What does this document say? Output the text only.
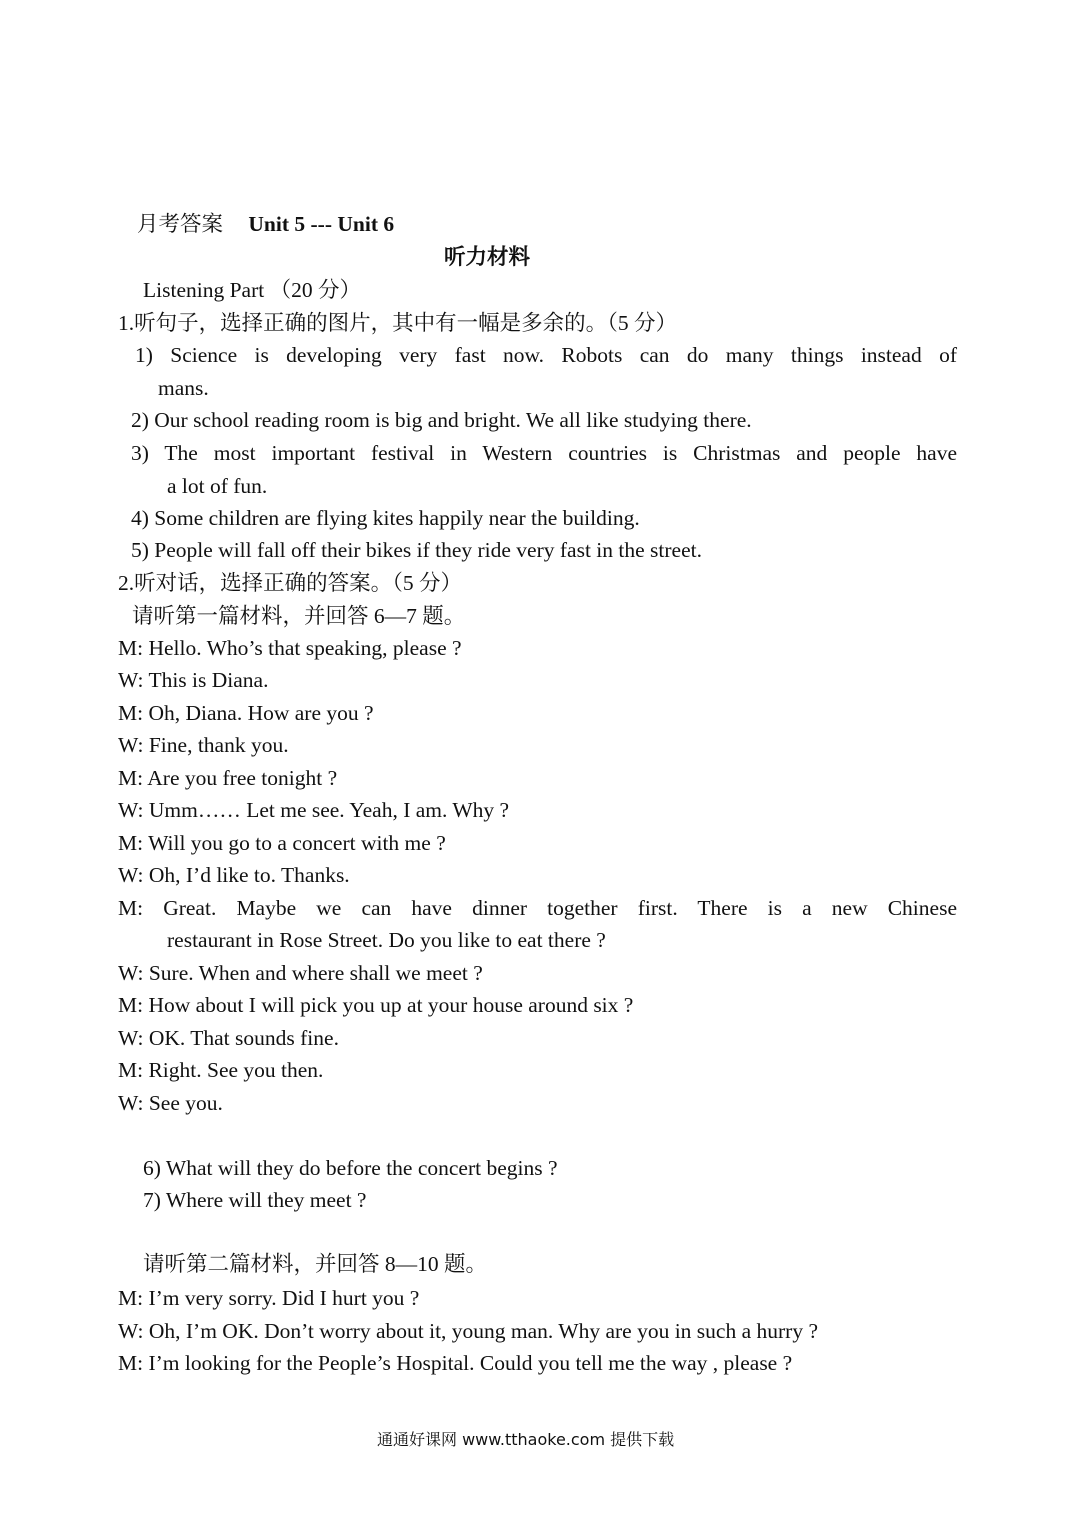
月考答案 Unit 5 --- Unit 6
听力材料
Listening Part （20 分）
1.听句子，选择正确的图片，其中有一幅是多余的。（5 分）
1) Science is developing very fast now. Robots can do many things instead of
mans.
2) Our school reading room is big and bright. We all like studying there.
3) The most important festival in Western countries is Christmas and people have
a lot of fun.
4) Some children are flying kites happily near the building.
5) People will fall off their bikes if they ride very fast in the street.
2.听对话，选择正确的答案。（5 分）
请听第一篇材料，并回答 6—7 题。
M: Hello. Who’s that speaking, please ?
W: This is Diana.
M: Oh, Diana. How are you ?
W: Fine, thank you.
M: Are you free tonight ?
W: Umm…… Let me see. Yeah, I am. Why ?
M: Will you go to a concert with me ?
W: Oh, I’d like to. Thanks.
M: Great. Maybe we can have dinner together first. There is a new Chinese
restaurant in Rose Street. Do you like to eat there ?
W: Sure. When and where shall we meet ?
M: How about I will pick you up at your house around six ?
W: OK. That sounds fine.
M: Right. See you then.
W: See you.
6) What will they do before the concert begins ?
7) Where will they meet ?
请听第二篇材料，并回答 8—10 题。
M: I’m very sorry. Did I hurt you ?
W: Oh, I’m OK. Don’t worry about it, young man. Why are you in such a hurry ?
M: I’m looking for the People’s Hospital. Could you tell me the way , please ?
通通好课网 www.tthaoke.com 提供下载
